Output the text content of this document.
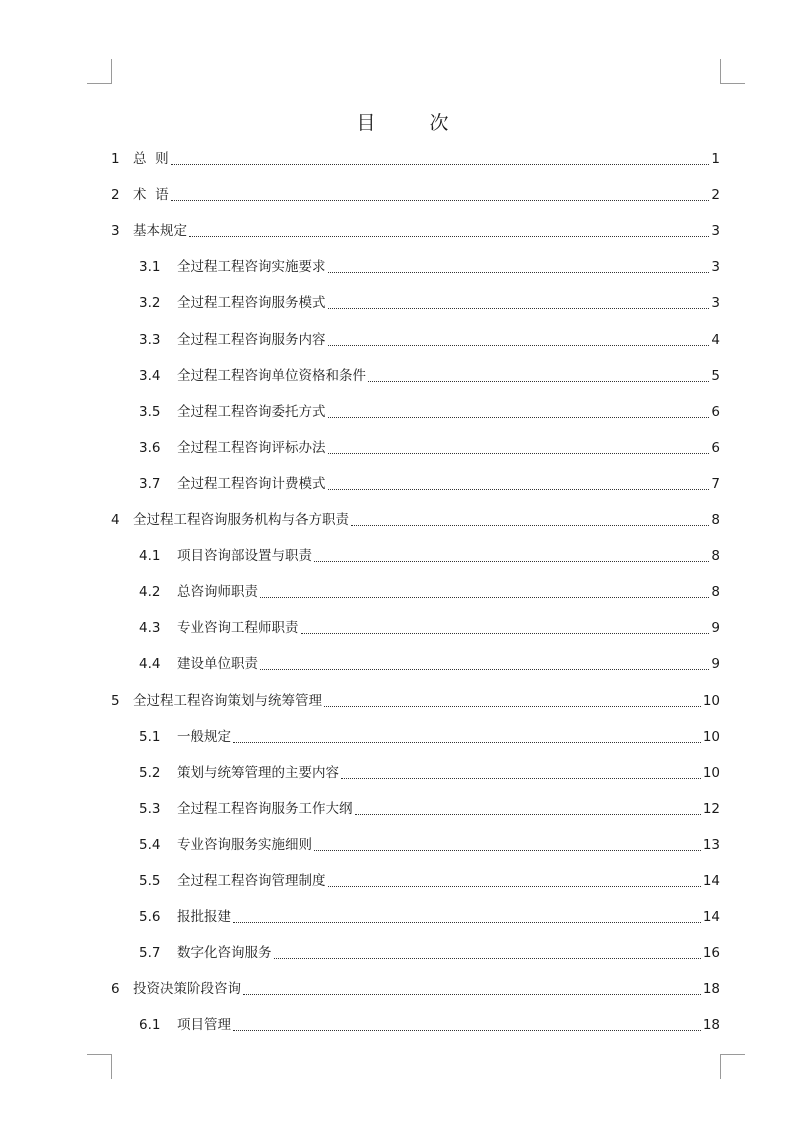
目 次
1 总  则	1
2 术  语	2
3 基本规定	3
3.1	全过程工程咨询实施要求	3
3.2	全过程工程咨询服务模式	3
3.3	全过程工程咨询服务内容	4
3.4	全过程工程咨询单位资格和条件	5
3.5	全过程工程咨询委托方式	6
3.6	全过程工程咨询评标办法	6
3.7	全过程工程咨询计费模式	7
4 全过程工程咨询服务机构与各方职责	8
4.1	项目咨询部设置与职责	8
4.2	总咨询师职责	8
4.3	专业咨询工程师职责	9
4.4	建设单位职责	9
5 全过程工程咨询策划与统筹管理	10
5.1	一般规定	10
5.2	策划与统筹管理的主要内容	10
5.3	全过程工程咨询服务工作大纲	12
5.4	专业咨询服务实施细则	13
5.5	全过程工程咨询管理制度	14
5.6	报批报建	14
5.7	数字化咨询服务	16
6 投资决策阶段咨询	18
6.1	项目管理	18
